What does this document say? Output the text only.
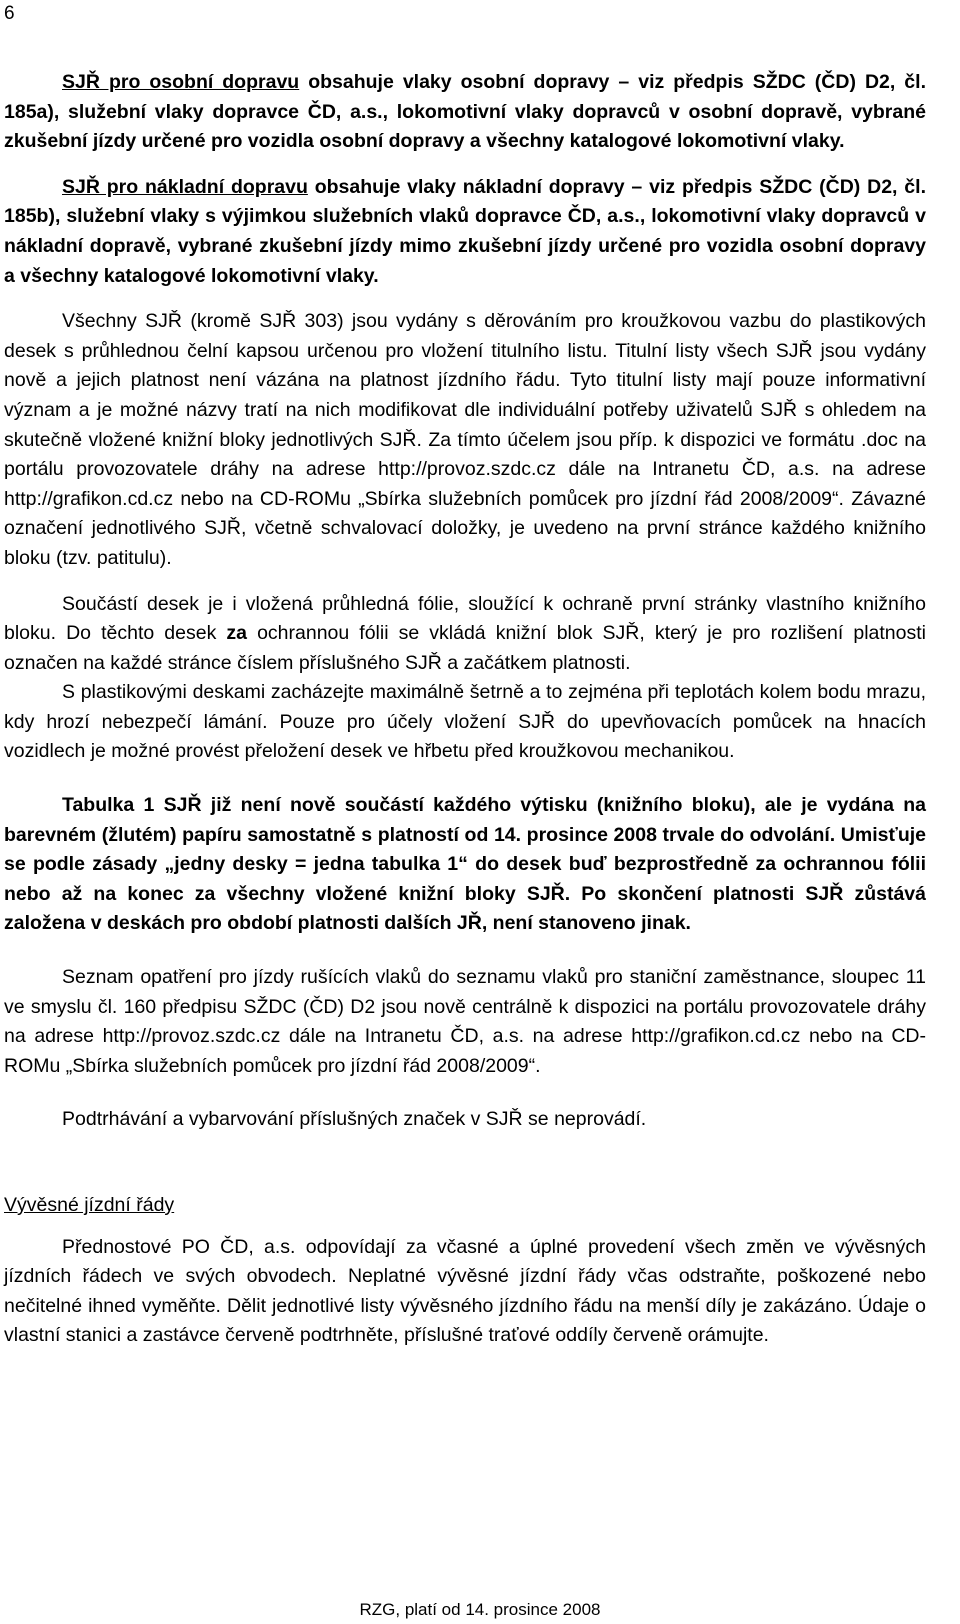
6

SJŘ pro osobní dopravu obsahuje vlaky osobní dopravy – viz předpis SŽDC (ČD) D2, čl. 185a), služební vlaky dopravce ČD, a.s., lokomotivní vlaky dopravců v osobní dopravě, vybrané zkušební jízdy určené pro vozidla osobní dopravy a všechny katalogové lokomotivní vlaky.

SJŘ pro nákladní dopravu obsahuje vlaky nákladní dopravy – viz předpis SŽDC (ČD) D2, čl. 185b), služební vlaky s výjimkou služebních vlaků dopravce ČD, a.s., lokomotivní vlaky dopravců v nákladní dopravě, vybrané zkušební jízdy mimo zkušební jízdy určené pro vozidla osobní dopravy a všechny katalogové lokomotivní vlaky.

Všechny SJŘ (kromě SJŘ 303) jsou vydány s děrováním pro kroužkovou vazbu do plastikových desek s průhlednou čelní kapsou určenou pro vložení titulního listu. Titulní listy všech SJŘ jsou vydány nově a jejich platnost není vázána na platnost jízdního řádu. Tyto titulní listy mají pouze informativní význam a je možné názvy tratí na nich modifikovat dle individuální potřeby uživatelů SJŘ s ohledem na skutečně vložené knižní bloky jednotlivých SJŘ. Za tímto účelem jsou příp. k dispozici ve formátu .doc na portálu provozovatele dráhy na adrese http://provoz.szdc.cz dále na Intranetu ČD, a.s. na adrese http://grafikon.cd.cz nebo na CD-ROMu „Sbírka služebních pomůcek pro jízdní řád 2008/2009“. Závazné označení jednotlivého SJŘ, včetně schvalovací doložky, je uvedeno na první stránce každého knižního bloku (tzv. patitulu).

Součástí desek je i vložená průhledná fólie, sloužící k ochraně první stránky vlastního knižního bloku. Do těchto desek za ochrannou fólii se vkládá knižní blok SJŘ, který je pro rozlišení platnosti označen na každé stránce číslem příslušného SJŘ a začátkem platnosti.

S plastikovými deskami zacházejte maximálně šetrně a to zejména při teplotách kolem bodu mrazu, kdy hrozí nebezpečí lámání. Pouze pro účely vložení SJŘ do upevňovacích pomůcek na hnacích vozidlech je možné provést přeložení desek ve hřbetu před kroužkovou mechanikou.

Tabulka 1 SJŘ již není nově součástí každého výtisku (knižního bloku), ale je vydána na barevném (žlutém) papíru samostatně s platností od 14. prosince 2008 trvale do odvolání. Umisťuje se podle zásady „jedny desky = jedna tabulka 1“ do desek buď bezprostředně za ochrannou fólii nebo až na konec za všechny vložené knižní bloky SJŘ. Po skončení platnosti SJŘ zůstává založena v deskách pro období platnosti dalších JŘ, není stanoveno jinak.

Seznam opatření pro jízdy rušících vlaků do seznamu vlaků pro staniční zaměstnance, sloupec 11 ve smyslu čl. 160 předpisu SŽDC (ČD) D2 jsou nově centrálně k dispozici na portálu provozovatele dráhy na adrese http://provoz.szdc.cz dále na Intranetu ČD, a.s. na adrese http://grafikon.cd.cz nebo na CD-ROMu „Sbírka služebních pomůcek pro jízdní řád 2008/2009“.

Podtrhávání a vybarvování příslušných značek v SJŘ se neprovádí.

Vývěsné jízdní řády

Přednostové PO ČD, a.s. odpovídají za včasné a úplné provedení všech změn ve vývěsných jízdních řádech ve svých obvodech. Neplatné vývěsné jízdní řády včas odstraňte, poškozené nebo nečitelné ihned vyměňte. Dělit jednotlivé listy vývěsného jízdního řádu na menší díly je zakázáno. Údaje o vlastní stanici a zastávce červeně podtrhněte, příslušné traťové oddíly červeně orámujte.

RZG, platí od 14. prosince 2008
